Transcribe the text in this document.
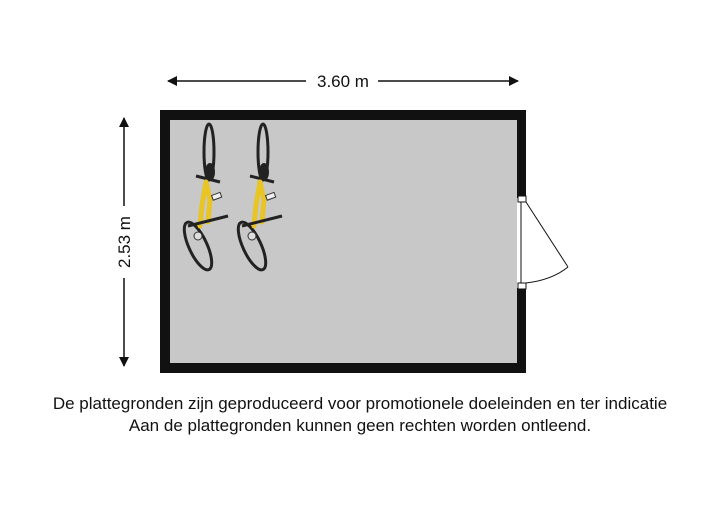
3.60 m
2.53 m
De plattegronden zijn geproduceerd voor promotionele doeleinden en ter indicatie
Aan de plattegronden kunnen geen rechten worden ontleend.
